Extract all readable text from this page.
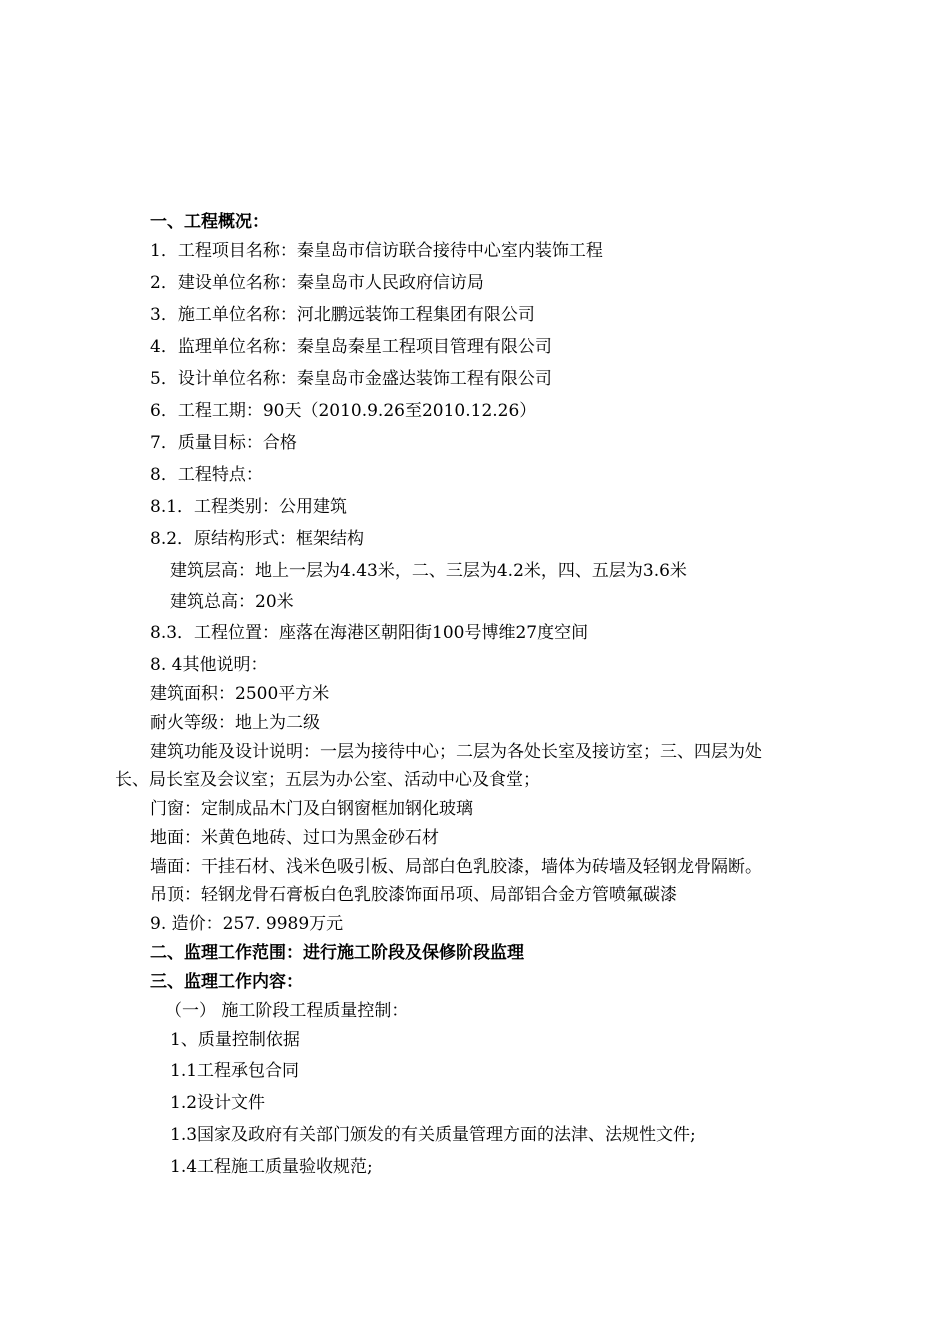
一、工程概况：
1．工程项目名称：秦皇岛市信访联合接待中心室内装饰工程
2．建设单位名称：秦皇岛市人民政府信访局
3．施工单位名称：河北鹏远装饰工程集团有限公司
4．监理单位名称：秦皇岛秦星工程项目管理有限公司
5．设计单位名称：秦皇岛市金盛达装饰工程有限公司
6．工程工期：90天（2010.9.26至2010.12.26）
7．质量目标：合格
8．工程特点：
8.1．工程类别：公用建筑
8.2．原结构形式：框架结构
建筑层高：地上一层为4.43米，二、三层为4.2米，四、五层为3.6米
建筑总高：20米
8.3．工程位置：座落在海港区朝阳街100号博维27度空间
8. 4其他说明：
建筑面积：2500平方米
耐火等级：地上为二级
建筑功能及设计说明：一层为接待中心；二层为各处长室及接访室；三、四层为处
长、局长室及会议室；五层为办公室、活动中心及食堂；
门窗：定制成品木门及白钢窗框加钢化玻璃
地面：米黄色地砖、过口为黑金砂石材
墙面：干挂石材、浅米色吸引板、局部白色乳胶漆，墙体为砖墙及轻钢龙骨隔断。
吊顶：轻钢龙骨石膏板白色乳胶漆饰面吊项、局部铝合金方管喷氟碳漆
9. 造价：257. 9989万元
二、监理工作范围：进行施工阶段及保修阶段监理
三、监理工作内容：
（一） 施工阶段工程质量控制：
1、质量控制依据
1.1工程承包合同
1.2设计文件
1.3国家及政府有关部门颁发的有关质量管理方面的法津、法规性文件;
1.4工程施工质量验收规范;
